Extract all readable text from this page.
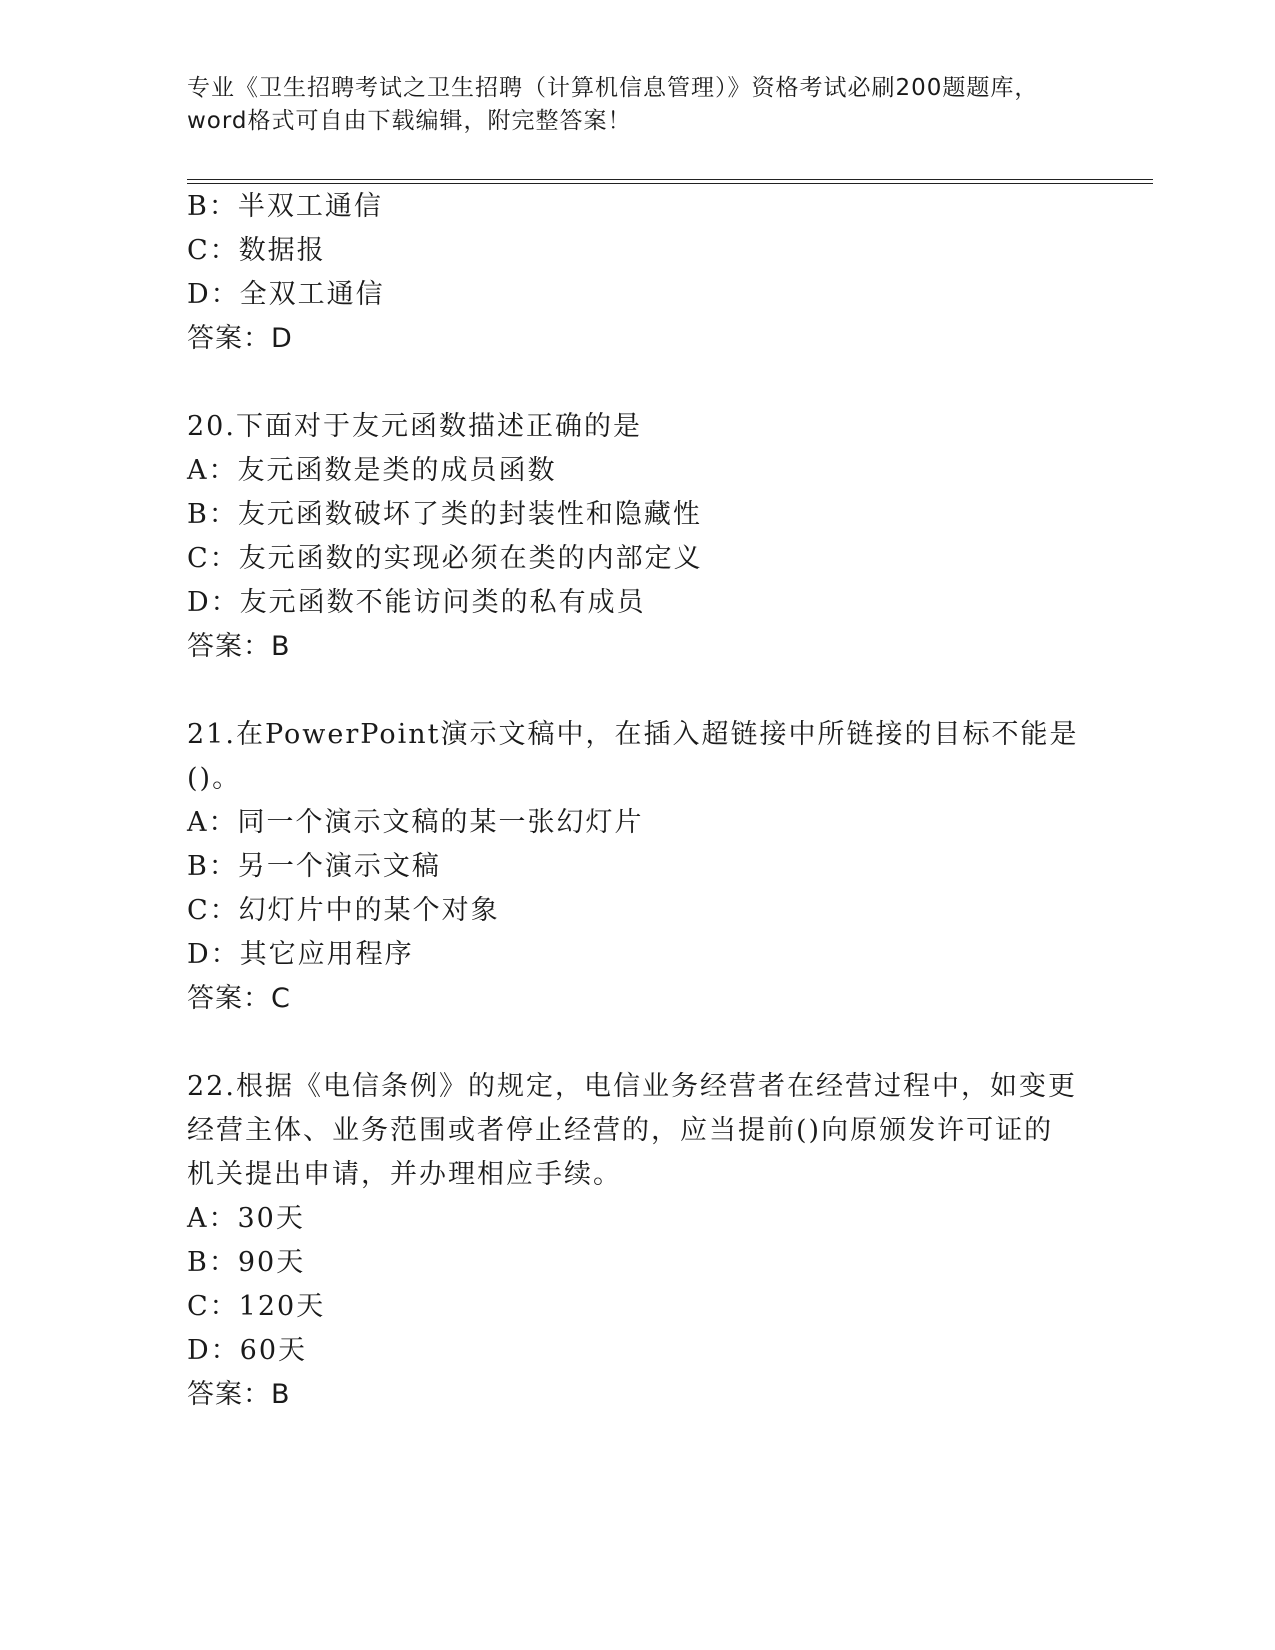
专业《卫生招聘考试之卫生招聘（计算机信息管理）》资格考试必刷200题题库，
word格式可自由下载编辑，附完整答案！
B：半双工通信
C：数据报
D：全双工通信
答案：D
20.下面对于友元函数描述正确的是
A：友元函数是类的成员函数
B：友元函数破坏了类的封装性和隐藏性
C：友元函数的实现必须在类的内部定义
D：友元函数不能访问类的私有成员
答案：B
21.在PowerPoint演示文稿中，在插入超链接中所链接的目标不能是
()。
A：同一个演示文稿的某一张幻灯片
B：另一个演示文稿
C：幻灯片中的某个对象
D：其它应用程序
答案：C
22.根据《电信条例》的规定，电信业务经营者在经营过程中，如变更
经营主体、业务范围或者停止经营的，应当提前()向原颁发许可证的
机关提出申请，并办理相应手续。
A：30天
B：90天
C：120天
D：60天
答案：B
